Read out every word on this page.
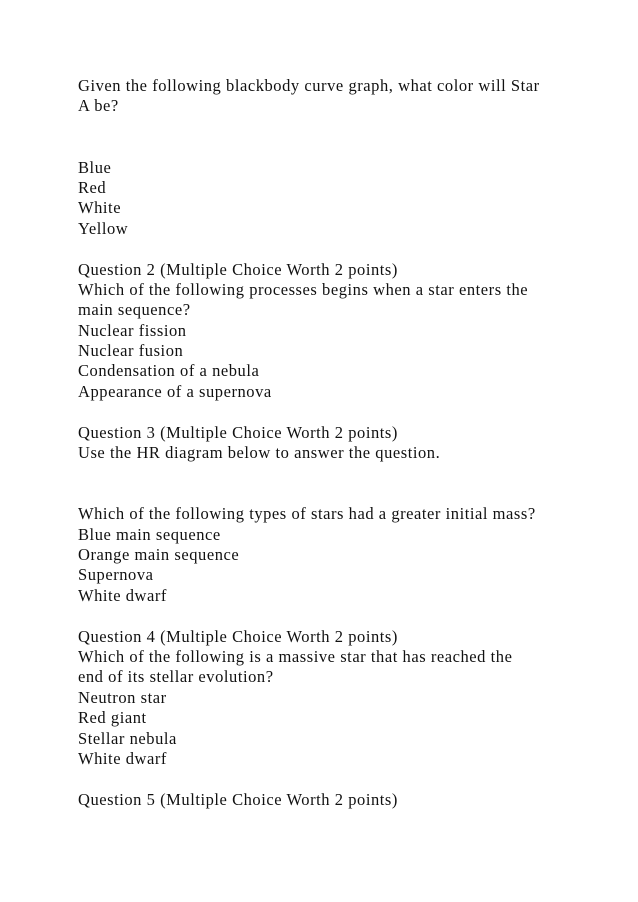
Given the following blackbody curve graph, what color will Star
A be?
Blue
Red
White
Yellow
Question 2 (Multiple Choice Worth 2 points)
Which of the following processes begins when a star enters the
main sequence?
Nuclear fission
Nuclear fusion
Condensation of a nebula
Appearance of a supernova
Question 3 (Multiple Choice Worth 2 points)
Use the HR diagram below to answer the question.
Which of the following types of stars had a greater initial mass?
Blue main sequence
Orange main sequence
Supernova
White dwarf
Question 4 (Multiple Choice Worth 2 points)
Which of the following is a massive star that has reached the
end of its stellar evolution?
Neutron star
Red giant
Stellar nebula
White dwarf
Question 5 (Multiple Choice Worth 2 points)
